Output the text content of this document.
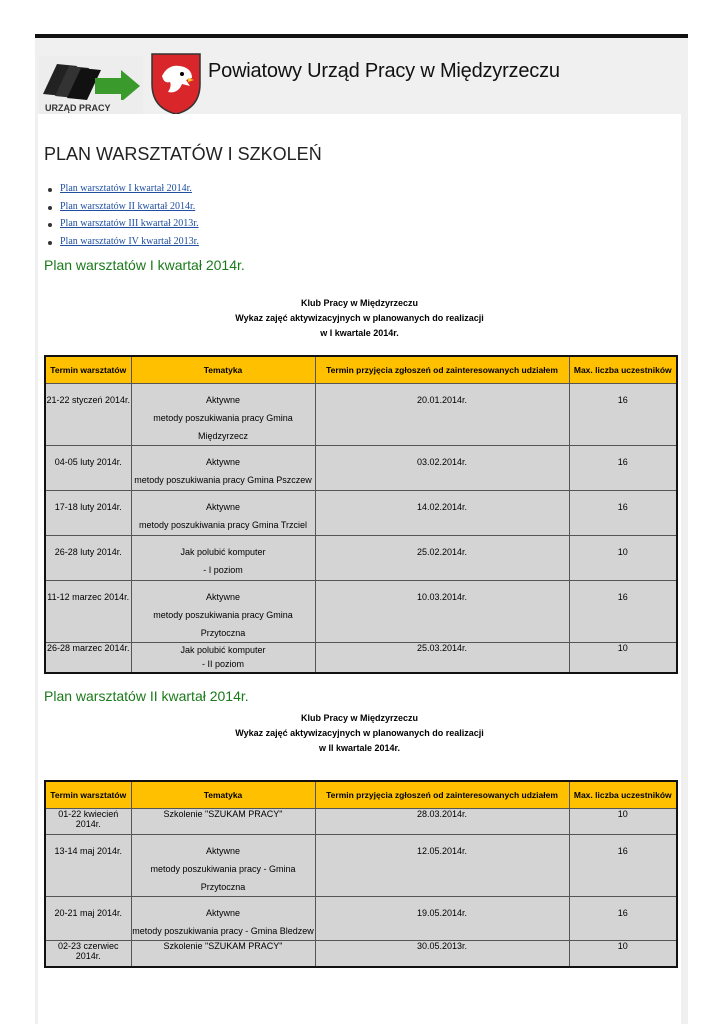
URZĄD PRACY
Powiatowy Urząd Pracy w Międzyrzeczu
PLAN WARSZTATÓW I SZKOLEŃ
Plan warsztatów I kwartał 2014r.
Plan warsztatów II kwartał 2014r.
Plan warsztatów III kwartał 2013r.
Plan warsztatów IV kwartał 2013r.
Plan warsztatów I kwartał 2014r.
Klub Pracy w Międzyrzeczu
Wykaz zajęć aktywizacyjnych w planowanych do realizacji
w I kwartale 2014r.
Termin warsztatów	Tematyka	Termin przyjęcia zgłoszeń od zainteresowanych udziałem	Max. liczba uczestników

21-22 styczeń 2014r.	Aktywne
metody poszukiwania pracy Gmina Międzyrzecz	20.01.2014r.	16

04-05 luty 2014r.	Aktywne
metody poszukiwania pracy Gmina Pszczew	03.02.2014r.	16

17-18 luty 2014r.	Aktywne
metody poszukiwania pracy Gmina Trzciel	14.02.2014r.	16

26-28 luty 2014r.	Jak polubić komputer
- I poziom	25.02.2014r.	10

11-12 marzec 2014r.	Aktywne
metody poszukiwania pracy Gmina Przytoczna	10.03.2014r.	16

26-28 marzec 2014r.	Jak polubić komputer
- II poziom	25.03.2014r.	10
Plan warsztatów II kwartał 2014r.
Klub Pracy w Międzyrzeczu
Wykaz zajęć aktywizacyjnych w planowanych do realizacji
w II kwartale 2014r.
Termin warsztatów	Tematyka	Termin przyjęcia zgłoszeń od zainteresowanych udziałem	Max. liczba uczestników

01-22 kwiecień 2014r.	Szkolenie "SZUKAM PRACY"	28.03.2014r.	10

13-14 maj 2014r.	Aktywne
metody poszukiwania pracy - Gmina Przytoczna	12.05.2014r.	16

20-21 maj 2014r.	Aktywne
metody poszukiwania pracy - Gmina Bledzew	19.05.2014r.	16

02-23 czerwiec 2014r.	Szkolenie "SZUKAM PRACY"	30.05.2013r.	10
